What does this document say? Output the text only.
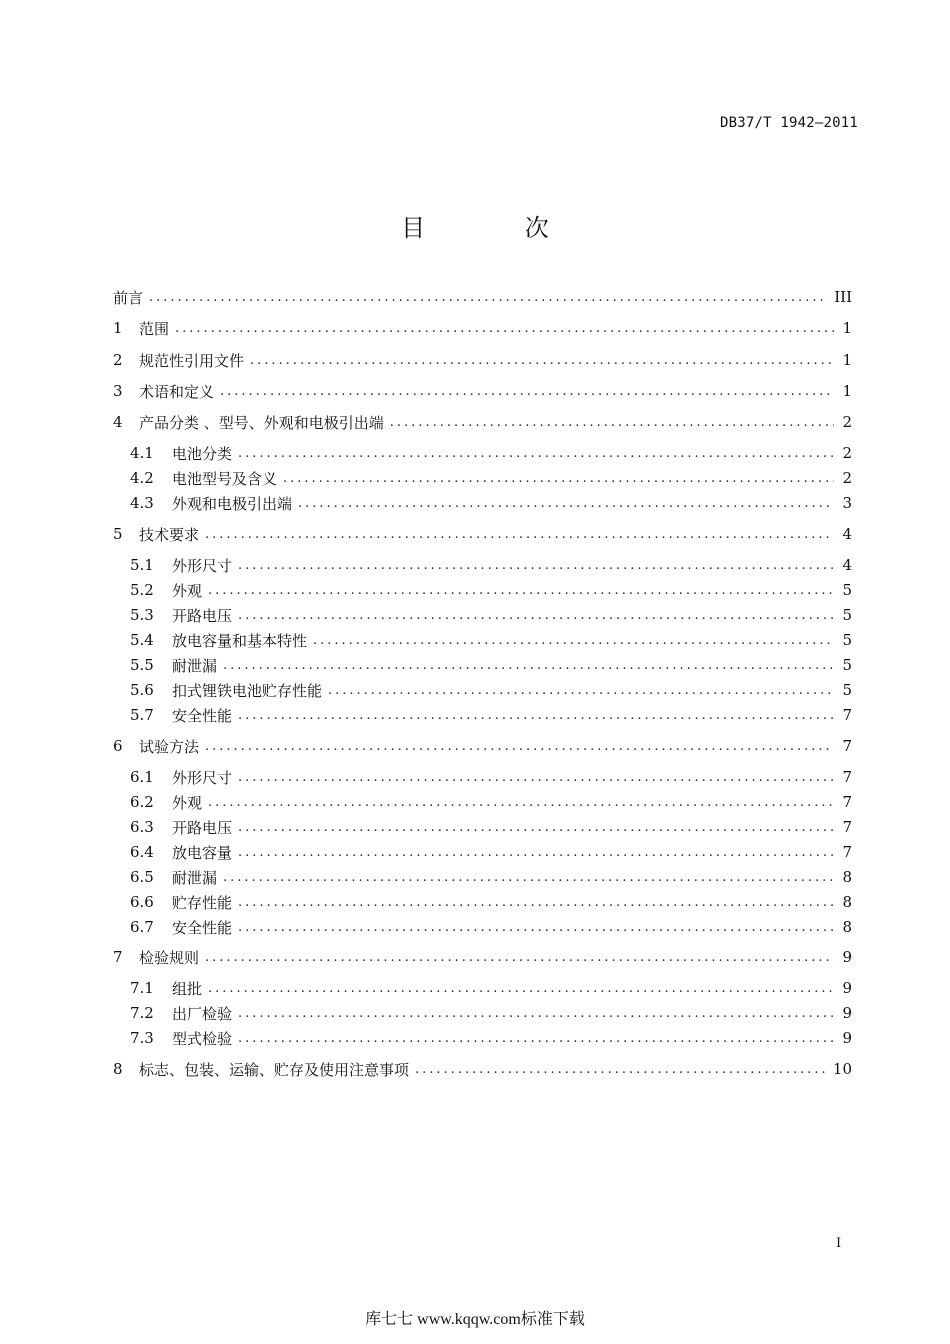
DB37/T 1942—2011
目 次
前言 .....	III
1	范围 .....	1
2	规范性引用文件 .....	1
3	术语和定义 .....	1
4	产品分类 、型号、外观和电极引出端 .....	2
4.1	电池分类 .....	2
4.2	电池型号及含义 .....	2
4.3	外观和电极引出端 .....	3
5	技术要求 .....	4
5.1	外形尺寸 .....	4
5.2	外观 .....	5
5.3	开路电压 .....	5
5.4	放电容量和基本特性 .....	5
5.5	耐泄漏 .....	5
5.6	扣式锂铁电池贮存性能 .....	5
5.7	安全性能 .....	7
6	试验方法 .....	7
6.1	外形尺寸 .....	7
6.2	外观 .....	7
6.3	开路电压 .....	7
6.4	放电容量 .....	7
6.5	耐泄漏 .....	8
6.6	贮存性能 .....	8
6.7	安全性能 .....	8
7	检验规则 .....	9
7.1	组批 .....	9
7.2	出厂检验 .....	9
7.3	型式检验 .....	9
8	标志、包装、运输、贮存及使用注意事项 .....	10
I
库七七 www.kqqw.com标准下载
